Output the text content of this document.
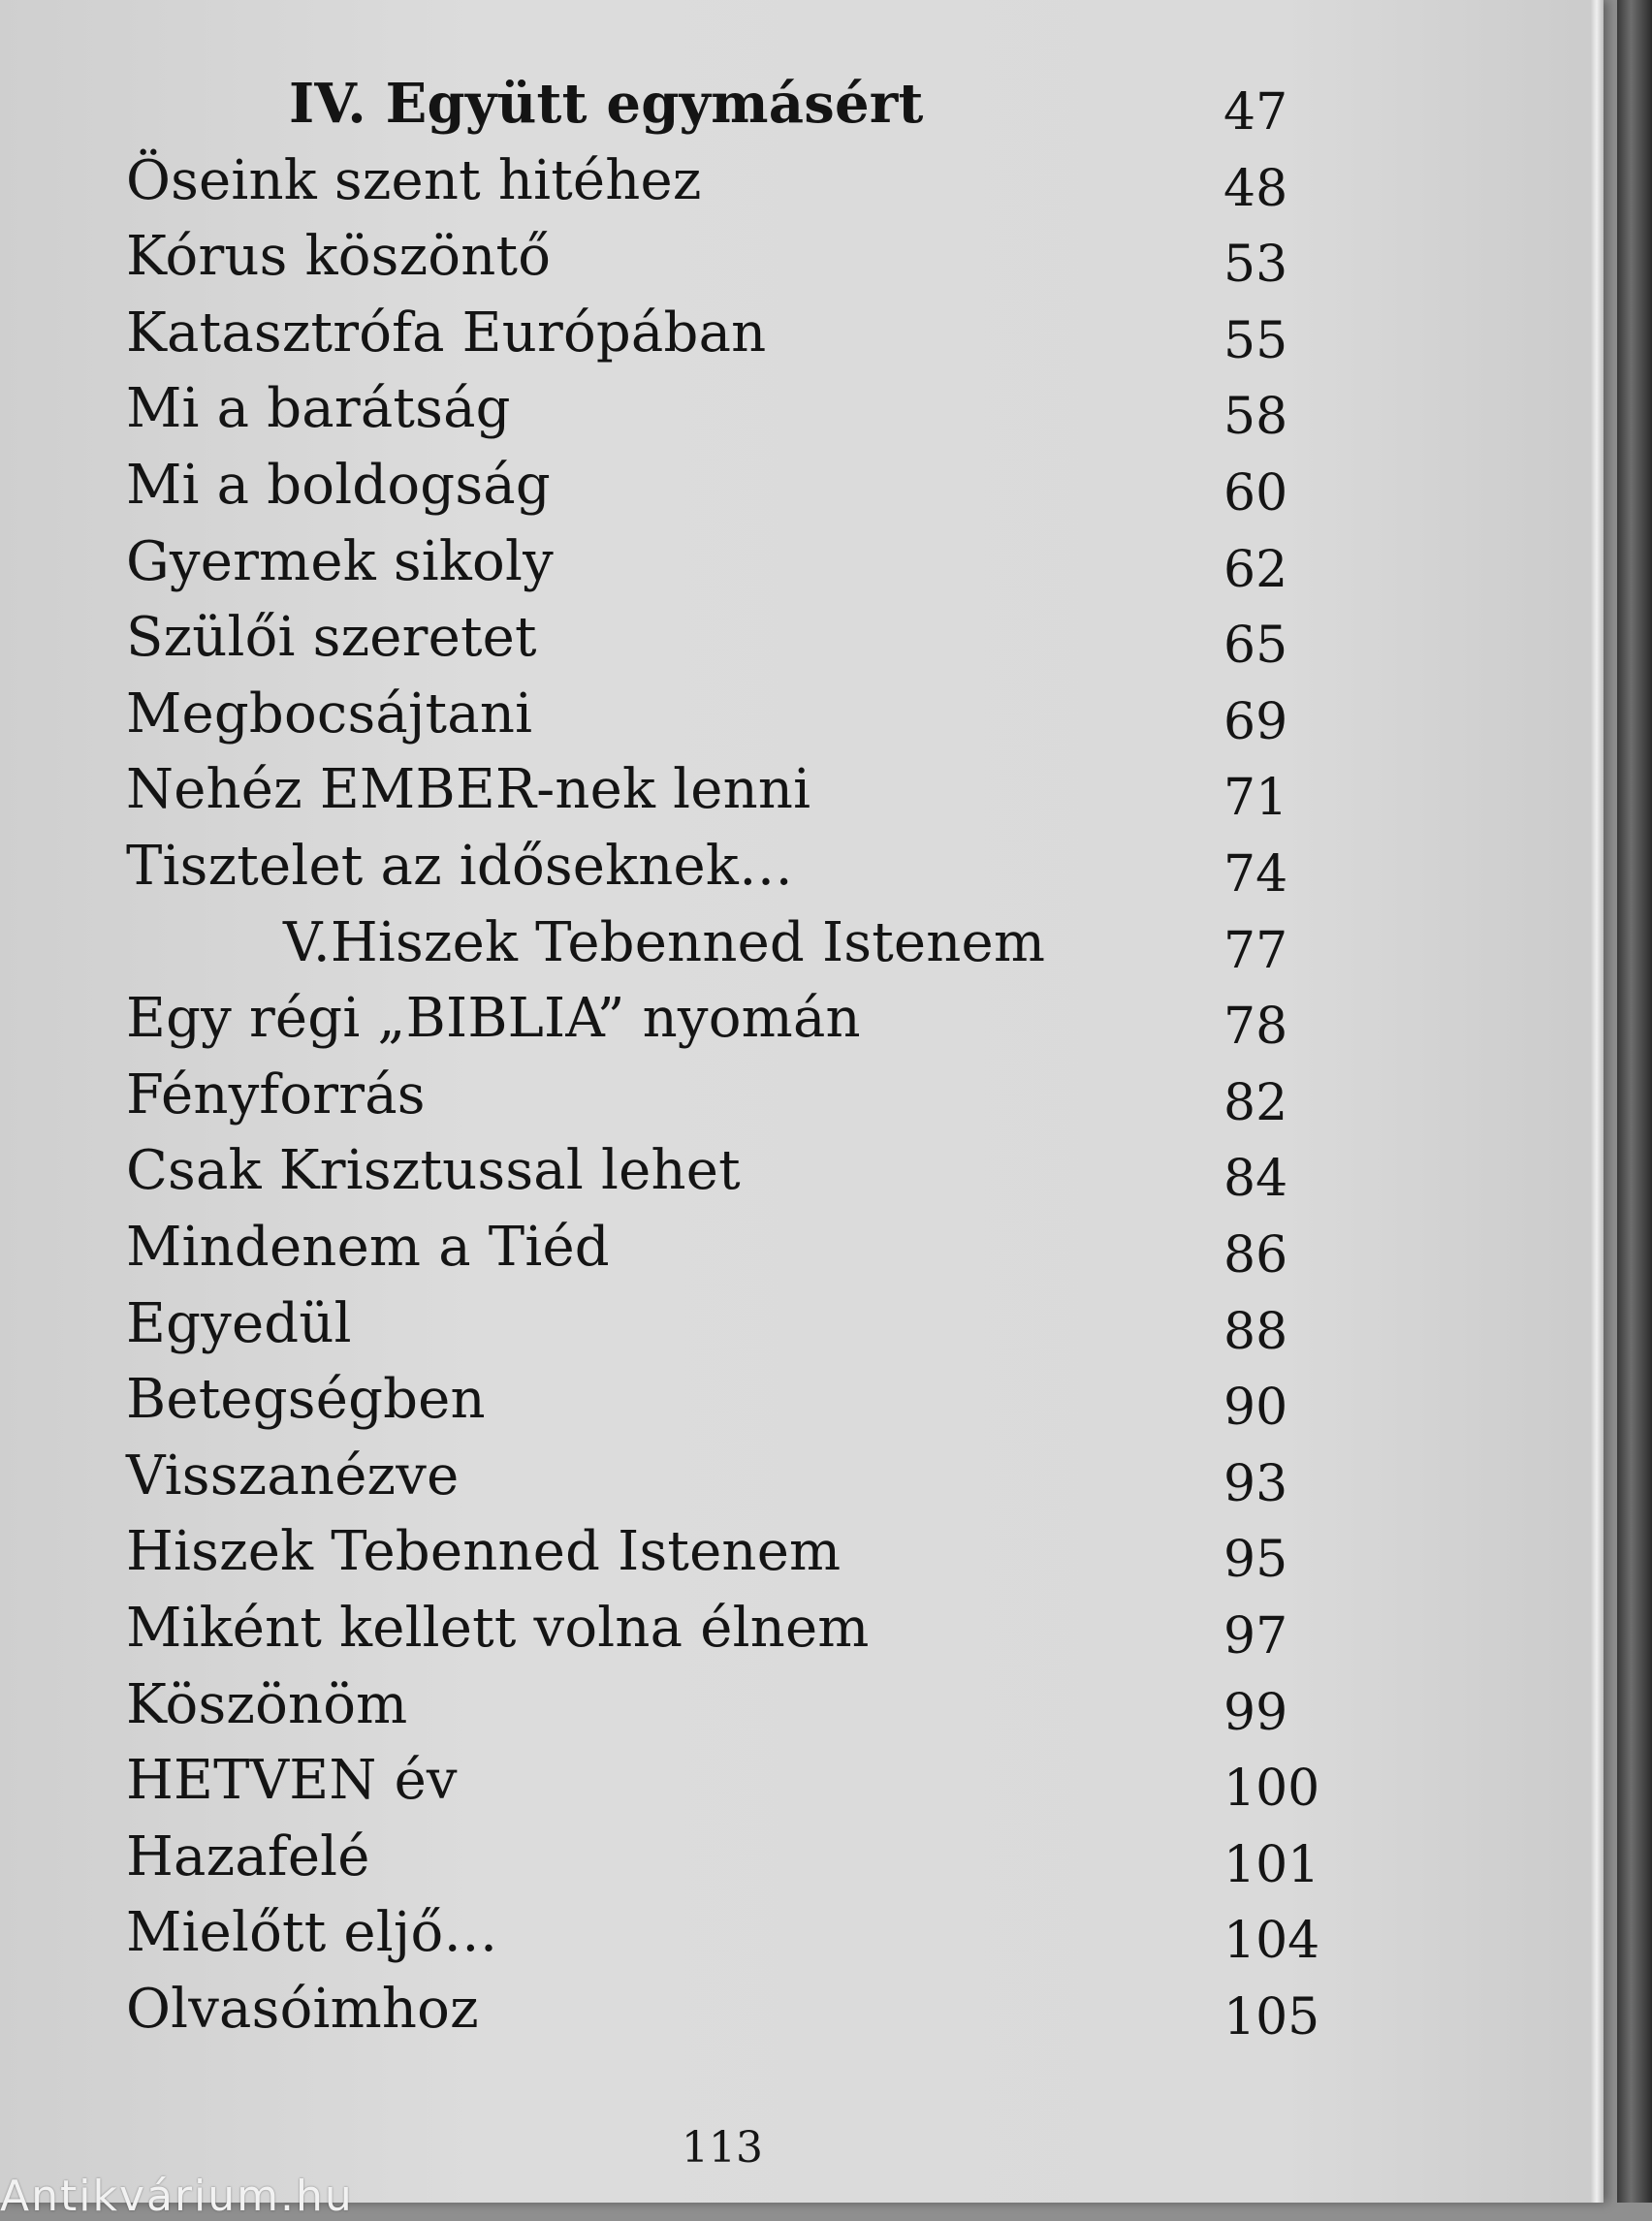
IV. Együtt egymásért	47
Öseink szent hitéhez	48
Kórus köszöntő	53
Katasztrófa Európában	55
Mi a barátság	58
Mi a boldogság	60
Gyermek sikoly	62
Szülői szeretet	65
Megbocsájtani	69
Nehéz EMBER-nek lenni	71
Tisztelet az időseknek…	74
V.Hiszek Tebenned Istenem	77
Egy régi „BIBLIA” nyomán	78
Fényforrás	82
Csak Krisztussal lehet	84
Mindenem a Tiéd	86
Egyedül	88
Betegségben	90
Visszanézve	93
Hiszek Tebenned Istenem	95
Miként kellett volna élnem	97
Köszönöm	99
HETVEN év	100
Hazafelé	101
Mielőtt eljő…	104
Olvasóimhoz	105
113
Antikvárium.hu
